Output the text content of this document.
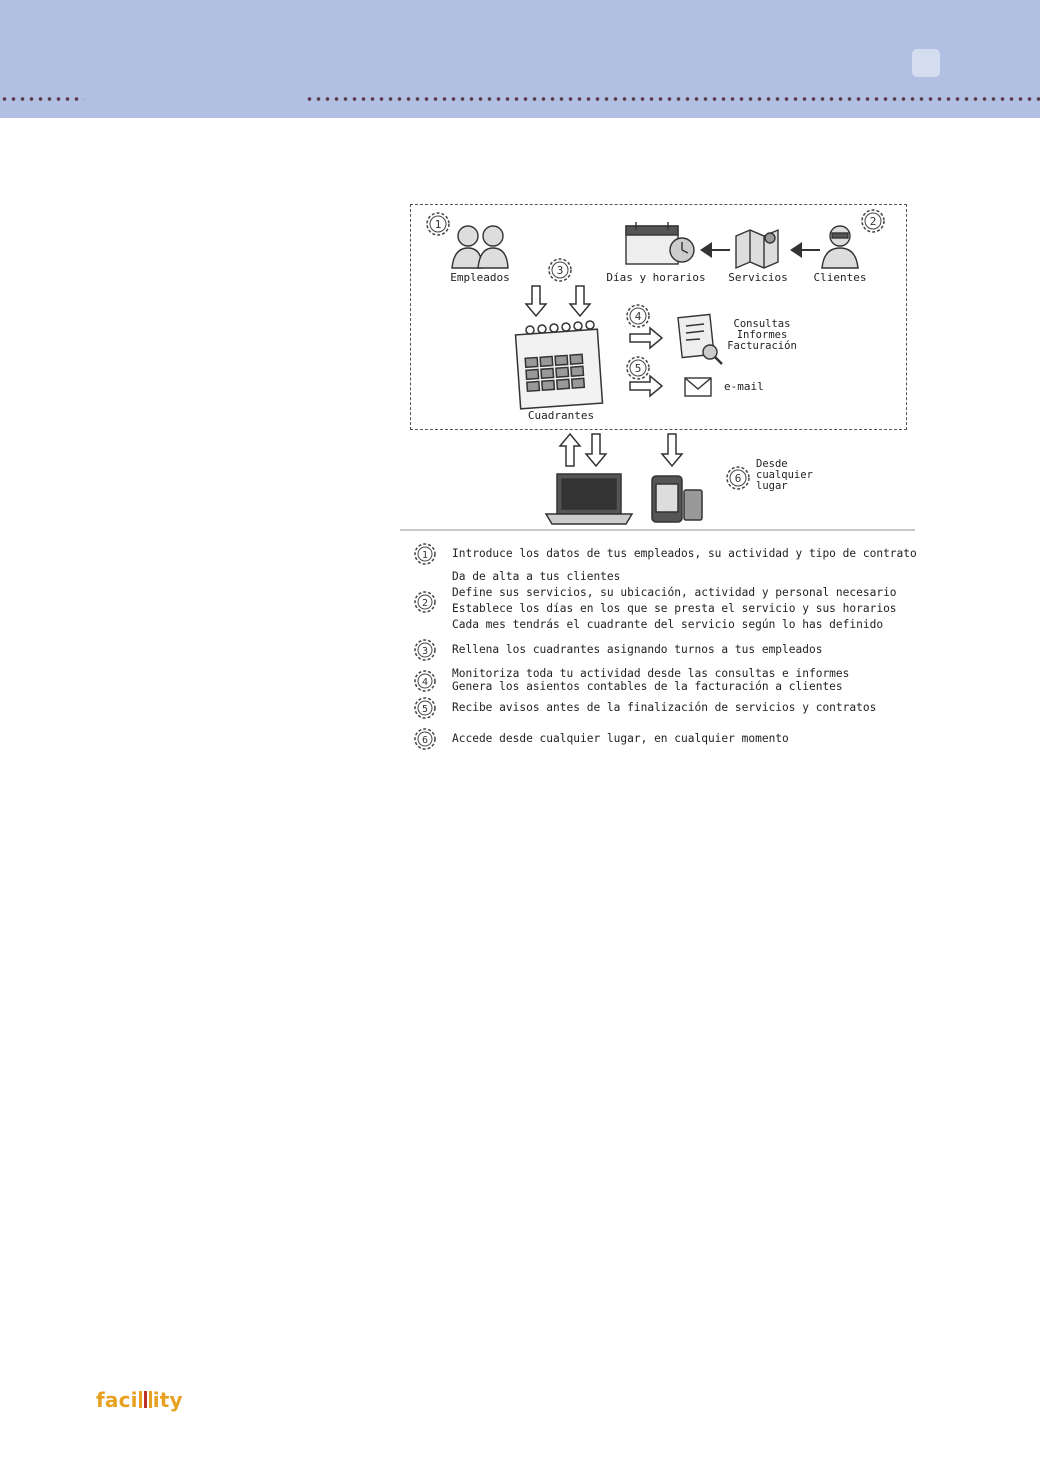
1	2
3
4
5
6
Empleados	Días y horarios Servicios Clientes
Cuadrantes
Consultas
Informes
Facturación
e-mail
Desde
cualquier
lugar
1 Introduce los datos de tus empleados, su actividad y tipo de contrato
2
Da de alta a tus clientes
Define sus servicios, su ubicación, actividad y personal necesario
Establece los días en los que se presta el servicio y sus horarios
Cada mes tendrás el cuadrante del servicio según lo has definido
3 Rellena los cuadrantes asignando turnos a tus empleados
4
Monitoriza toda tu actividad desde las consultas e informes
Genera los asientos contables de la facturación a clientes
5 Recibe avisos antes de la finalización de servicios y contratos
6 Accede desde cualquier lugar, en cualquier momento
faci ity
